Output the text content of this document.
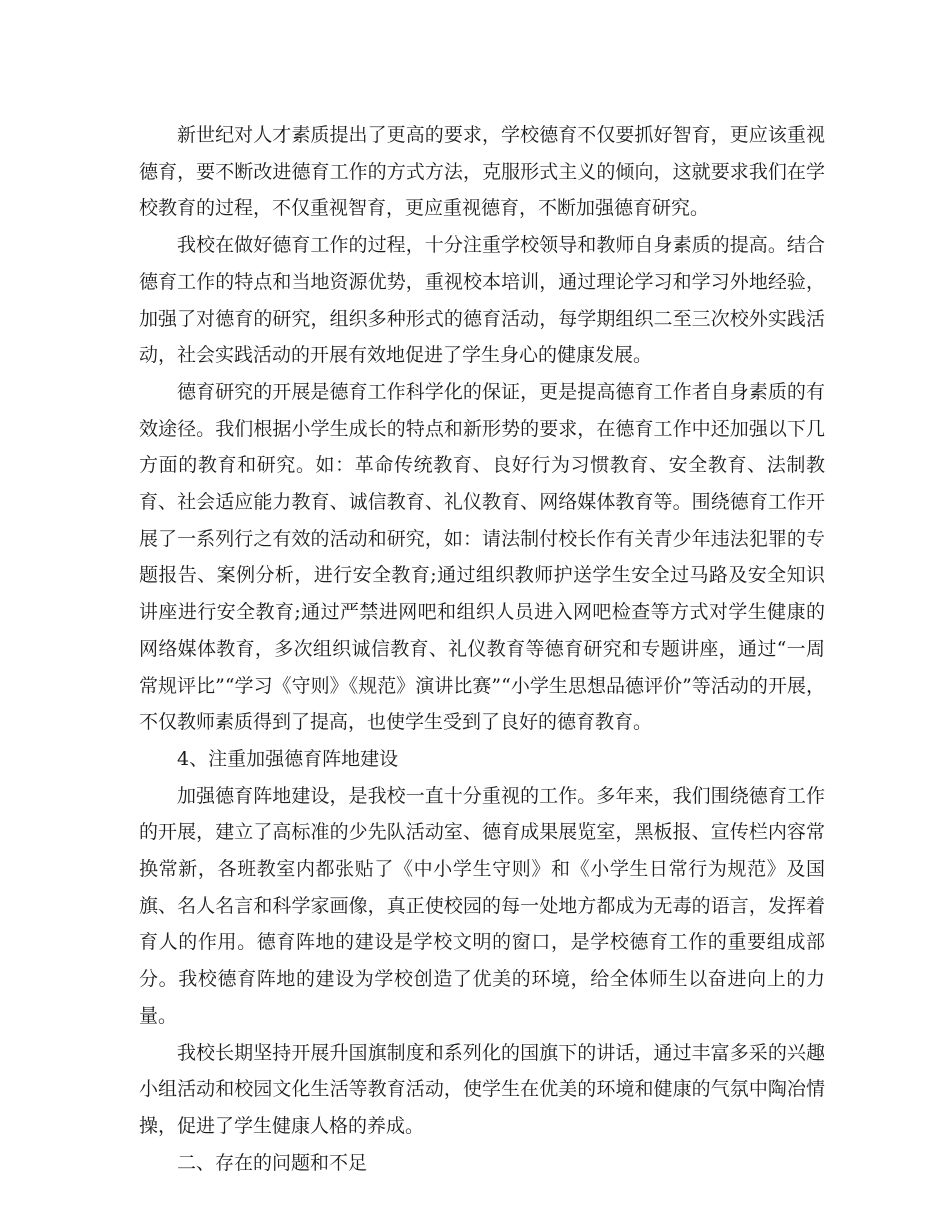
新世纪对人才素质提出了更高的要求，学校德育不仅要抓好智育，更应该重视德育，要不断改进德育工作的方式方法，克服形式主义的倾向，这就要求我们在学校教育的过程，不仅重视智育，更应重视德育，不断加强德育研究。

我校在做好德育工作的过程，十分注重学校领导和教师自身素质的提高。结合德育工作的特点和当地资源优势，重视校本培训，通过理论学习和学习外地经验，加强了对德育的研究，组织多种形式的德育活动，每学期组织二至三次校外实践活动，社会实践活动的开展有效地促进了学生身心的健康发展。

德育研究的开展是德育工作科学化的保证，更是提高德育工作者自身素质的有效途径。我们根据小学生成长的特点和新形势的要求，在德育工作中还加强以下几方面的教育和研究。如：革命传统教育、良好行为习惯教育、安全教育、法制教育、社会适应能力教育、诚信教育、礼仪教育、网络媒体教育等。围绕德育工作开展了一系列行之有效的活动和研究，如：请法制付校长作有关青少年违法犯罪的专题报告、案例分析，进行安全教育;通过组织教师护送学生安全过马路及安全知识讲座进行安全教育;通过严禁进网吧和组织人员进入网吧检查等方式对学生健康的网络媒体教育，多次组织诚信教育、礼仪教育等德育研究和专题讲座，通过“一周常规评比”“学习《守则》《规范》演讲比赛”“小学生思想品德评价”等活动的开展，不仅教师素质得到了提高，也使学生受到了良好的德育教育。

4、注重加强德育阵地建设

加强德育阵地建设，是我校一直十分重视的工作。多年来，我们围绕德育工作的开展，建立了高标准的少先队活动室、德育成果展览室，黑板报、宣传栏内容常换常新，各班教室内都张贴了《中小学生守则》和《小学生日常行为规范》及国旗、名人名言和科学家画像，真正使校园的每一处地方都成为无毒的语言，发挥着育人的作用。德育阵地的建设是学校文明的窗口，是学校德育工作的重要组成部分。我校德育阵地的建设为学校创造了优美的环境，给全体师生以奋进向上的力量。

我校长期坚持开展升国旗制度和系列化的国旗下的讲话，通过丰富多采的兴趣小组活动和校园文化生活等教育活动，使学生在优美的环境和健康的气氛中陶冶情操，促进了学生健康人格的养成。

二、存在的问题和不足
